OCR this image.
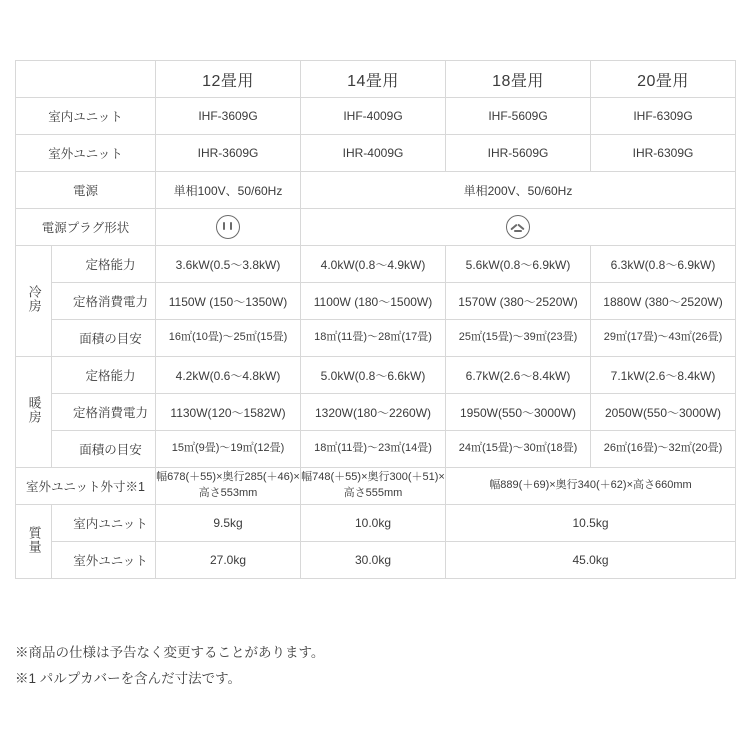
		12畳用	14畳用	18畳用	20畳用
室内ユニット		IHF-3609G	IHF-4009G	IHF-5609G	IHF-6309G
室外ユニット		IHR-3609G	IHR-4009G	IHR-5609G	IHR-6309G
電源		単相100V、50/60Hz	単相200V、50/60Hz		
電源プラグ形状				

冷房	定格能力	3.6kW(0.5〜3.8kW)	4.0kW(0.8〜4.9kW)	5.6kW(0.8〜6.9kW)	6.3kW(0.8〜6.9kW)
	定格消費電力	1150W (150〜1350W)	1100W (180〜1500W)	1570W (380〜2520W)	1880W (380〜2520W)
	面積の目安	16㎡(10畳)〜25㎡(15畳)	18㎡(11畳)〜28㎡(17畳)	25㎡(15畳)〜39㎡(23畳)	29㎡(17畳)〜43㎡(26畳)
暖房	定格能力	4.2kW(0.6〜4.8kW)	5.0kW(0.8〜6.6kW)	6.7kW(2.6〜8.4kW)	7.1kW(2.6〜8.4kW)
	定格消費電力	1130W(120〜1582W)	1320W(180〜2260W)	1950W(550〜3000W)	2050W(550〜3000W)
	面積の目安	15㎡(9畳)〜19㎡(12畳)	18㎡(11畳)〜23㎡(14畳)	24㎡(15畳)〜30㎡(18畳)	26㎡(16畳)〜32㎡(20畳)
室外ユニット外寸※1		幅678(＋55)×奥行285(＋46)×高さ553mm	幅748(＋55)×奥行300(＋51)×高さ555mm	幅889(＋69)×奥行340(＋62)×高さ660mm	
質量	室内ユニット	9.5kg	10.0kg	10.5kg	
	室外ユニット	27.0kg	30.0kg	45.0kg	
※商品の仕様は予告なく変更することがあります。
※1 パルプカバーを含んだ寸法です。
